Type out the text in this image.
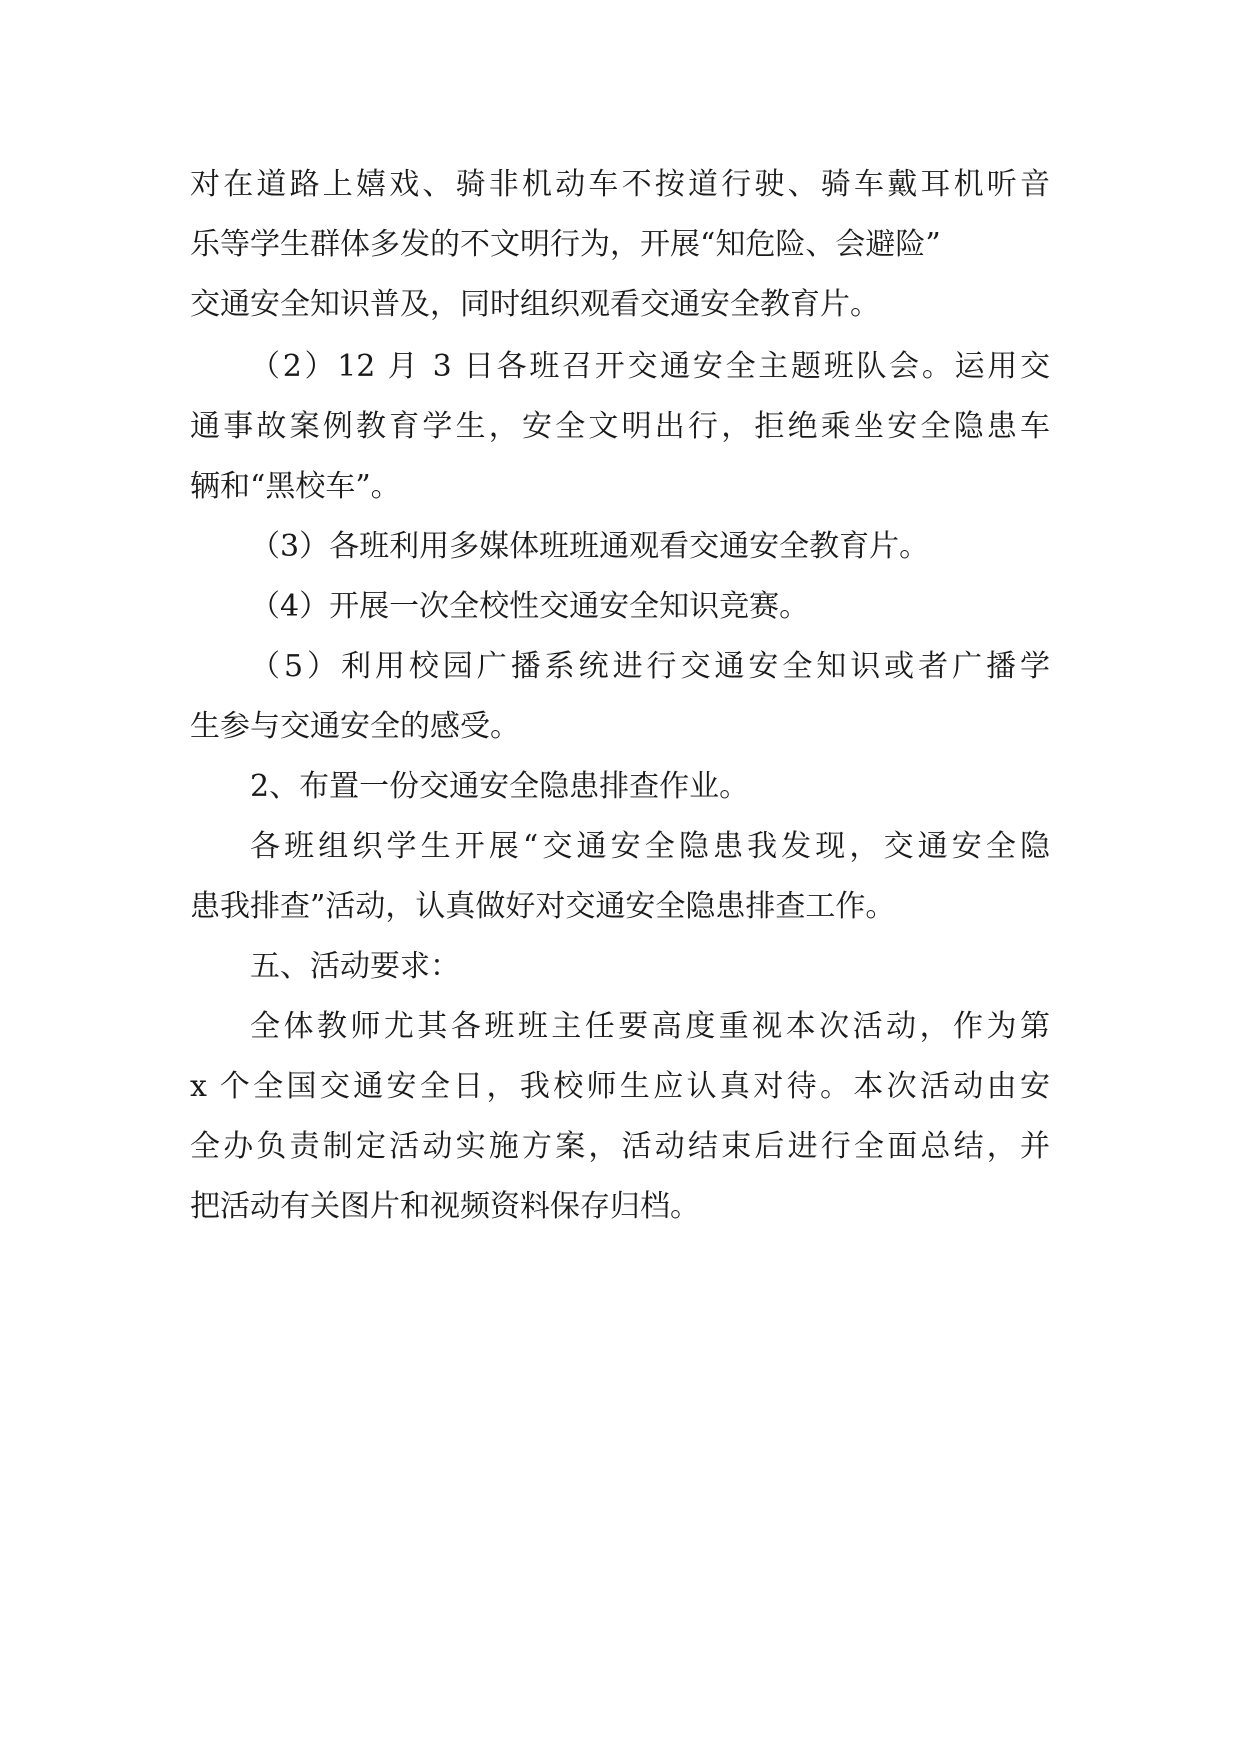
对在道路上嬉戏、骑非机动车不按道行驶、骑车戴耳机听音
乐等学生群体多发的不文明行为，开展“知危险、会避险”
交通安全知识普及，同时组织观看交通安全教育片。
（2）12 月 3 日各班召开交通安全主题班队会。运用交
通事故案例教育学生，安全文明出行，拒绝乘坐安全隐患车
辆和“黑校车”。
（3）各班利用多媒体班班通观看交通安全教育片。
（4）开展一次全校性交通安全知识竞赛。
（5）利用校园广播系统进行交通安全知识或者广播学
生参与交通安全的感受。
2、布置一份交通安全隐患排查作业。
各班组织学生开展“交通安全隐患我发现，交通安全隐
患我排查”活动，认真做好对交通安全隐患排查工作。
五、活动要求：
全体教师尤其各班班主任要高度重视本次活动，作为第
x 个全国交通安全日，我校师生应认真对待。本次活动由安
全办负责制定活动实施方案，活动结束后进行全面总结，并
把活动有关图片和视频资料保存归档。
